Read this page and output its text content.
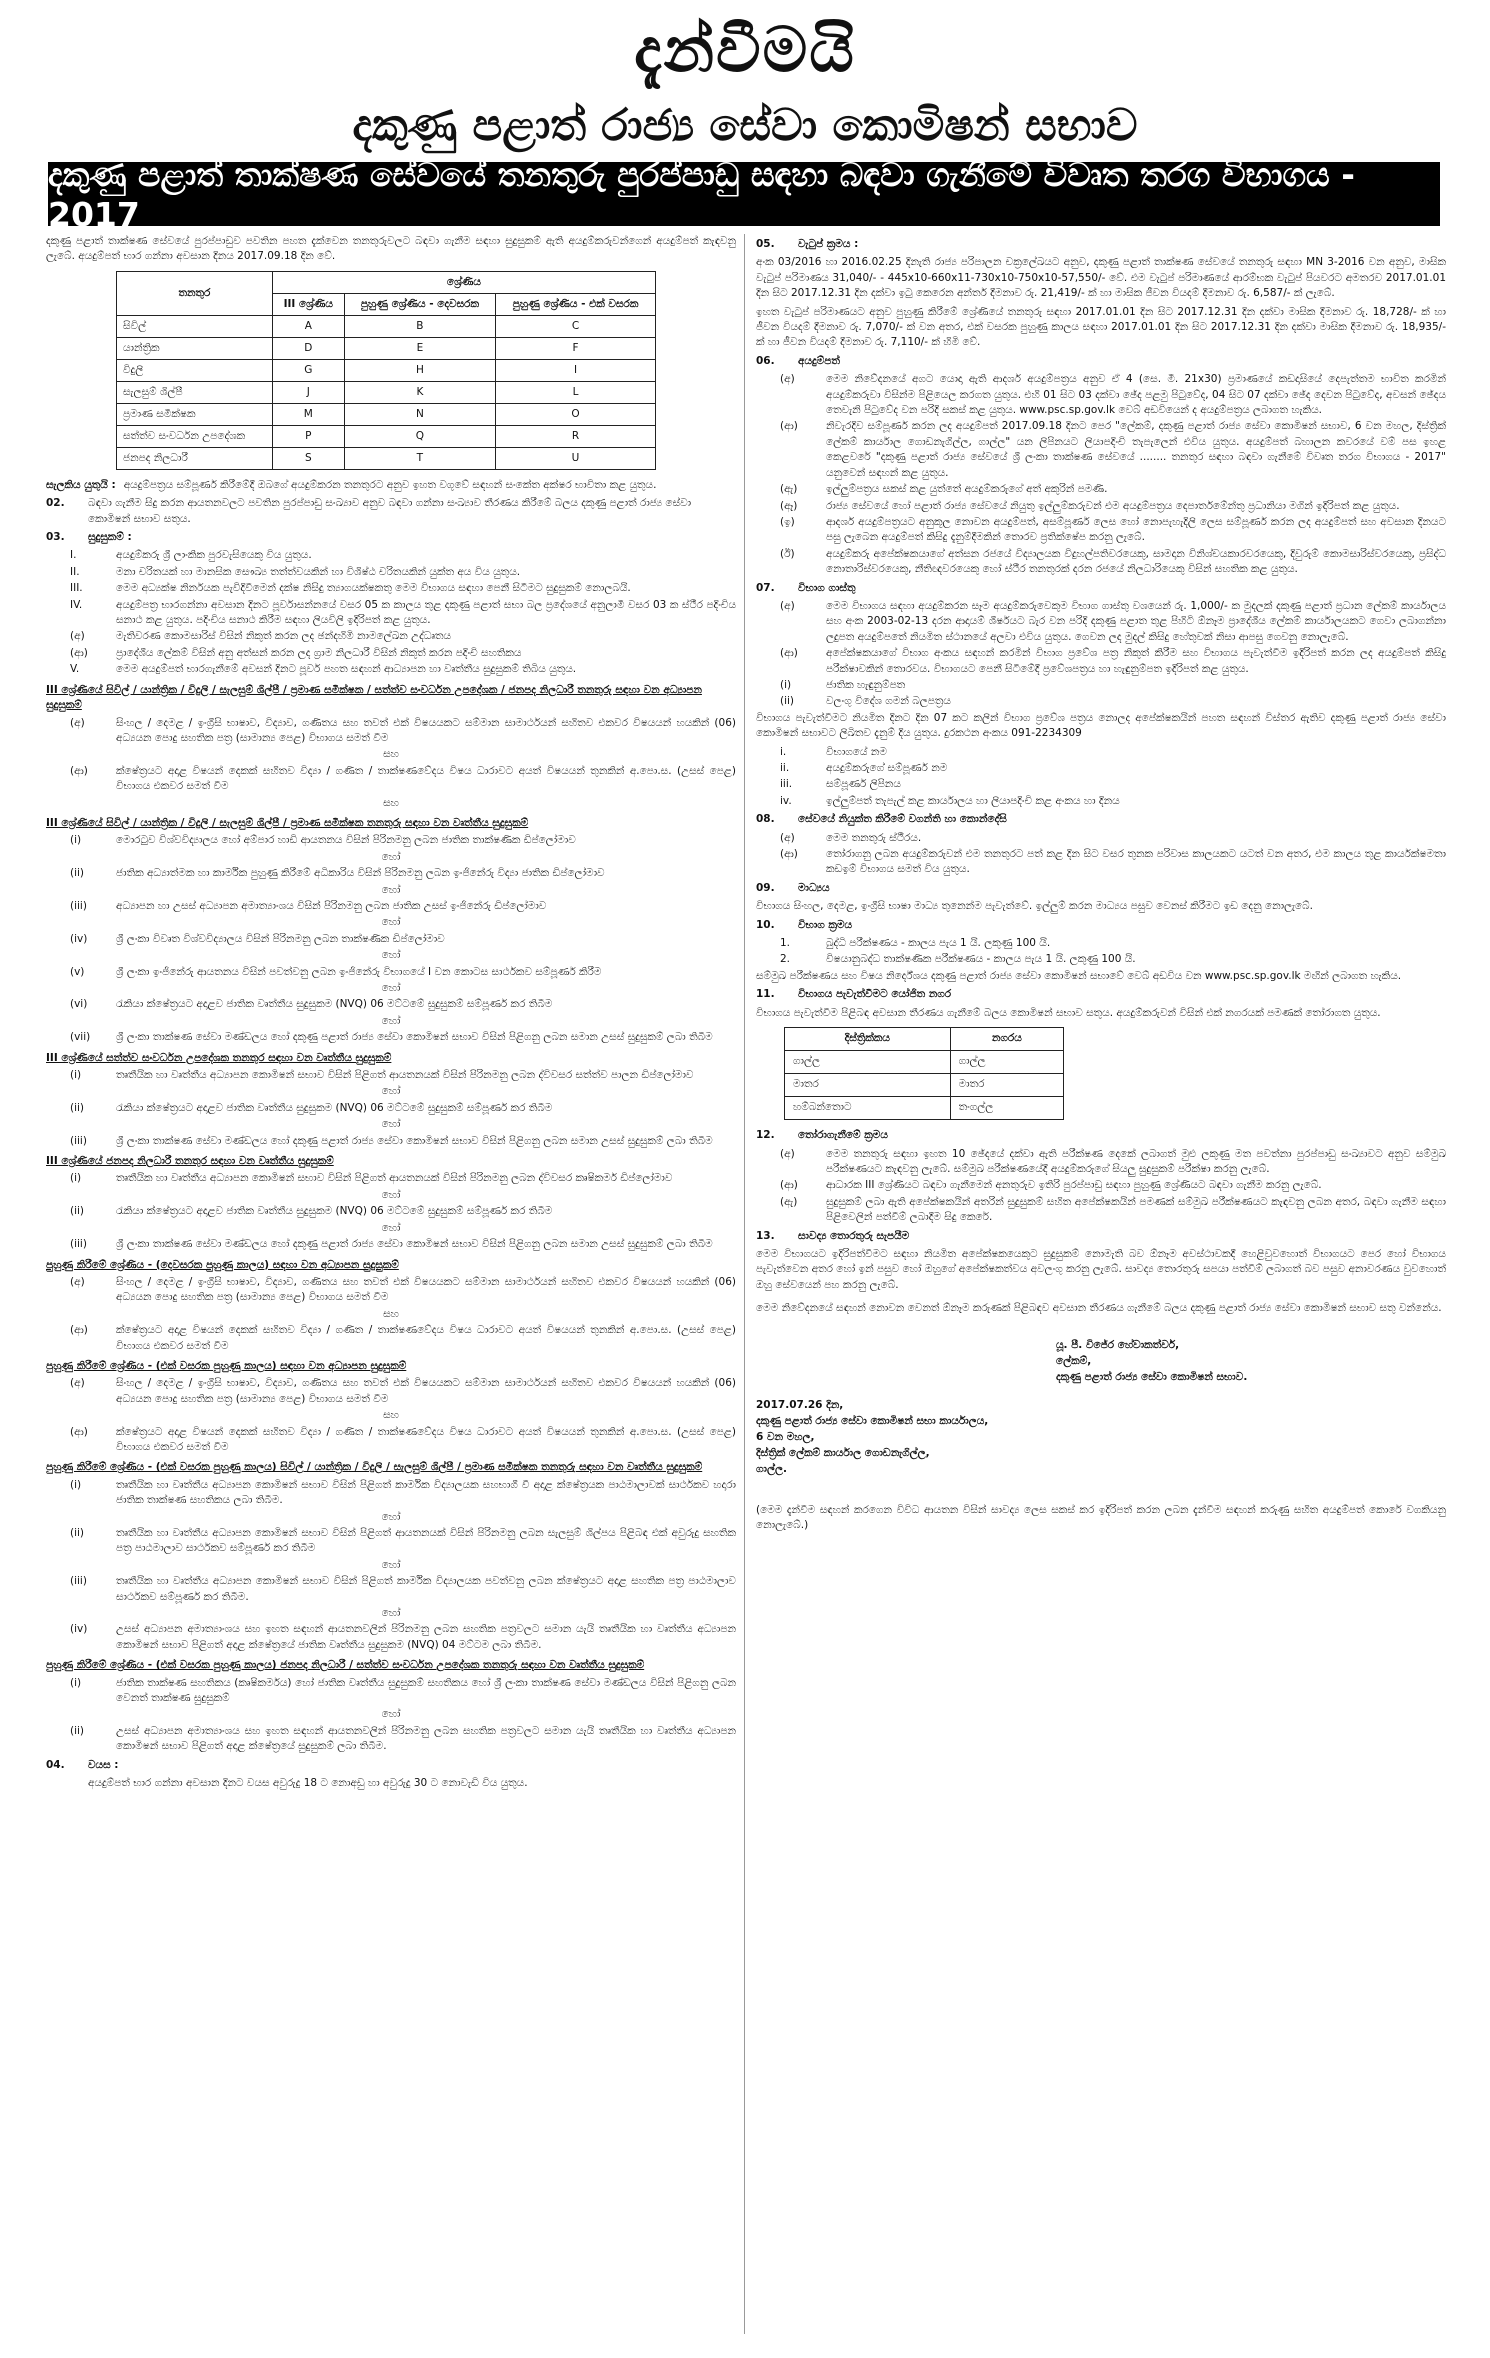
දැන්වීමයි
දකුණු පළාත් රාජ්‍ය සේවා කොමිෂන් සභාව
දකුණු පළාත් තාක්ෂණ සේවයේ තනතුරු පුරප්පාඩු සඳහා බඳවා ගැනීමේ විවෘත තරග විභාගය - 2017

දකුණු පළාත් තාක්ෂණ සේවයේ පුරප්පාඩුව පවතින පහත දැක්වෙන තනතුරුවලට බඳවා ගැනීම සඳහා සුදුසුකම් ඇති අයදුම්කරුවන්ගෙන් අයදුම්පත් කැඳවනු ලැබේ. අයදුම්පත් භාර ගන්නා අවසාන දිනය 2017.09.18 දින වේ.

තනතුර	ශ්‍රේණිය		
	III ශ්‍රේණිය	පුහුණු ශ්‍රේණිය - දෙවසරක	පුහුණු ශ්‍රේණිය - එක් වසරක
සිවිල්	A	B	C
යාන්ත්‍රික	D	E	F
විදුලි	G	H	I
සැලසුම් ශිල්පී	J	K	L
ප්‍රමාණ සමීක්ෂක	M	N	O
සත්ත්ව සංවර්ධන උපදේශක	P	Q	R
ජනපද නිලධාරී	S	T	U
සැලකිය යුතුයි : අයදුම්පත්‍රය සම්පූර්ණ කිරීමේදී ඔබගේ අයදුම්කරන තනතුරට අනුව ඉහත වගුවේ සඳහන් සංකේත අක්ෂර භාවිතා කළ යුතුය.
02.	බඳවා ගැනීම සිදු කරන ආයතනවලට පවතින පුරප්පාඩු සංඛ්‍යාව අනුව බඳවා ගන්නා සංඛ්‍යාව තීරණය කිරීමේ බලය දකුණු පළාත් රාජ්‍ය සේවා කොමිෂන් සභාව සතුය.
03.	සුදුසුකම් :
I.	අයදුම්කරු ශ්‍රී ලාංකික පුරවැසියෙකු විය යුතුය.
II.	මනා චරිතයක් හා මානසික සෞඛ්‍ය තත්ත්වයකින් හා විශිෂ්ඨ චරිතයකින් යුක්ත අය විය යුතුය.
III.	මෙම අධ්‍යක්ෂ නිර්නයක පැවිදිවීමෙන් දක්ෂ නිසිදු ත්‍යාගයක්ෂකතු මෙම විභාගය සඳහා පෙනී සිටීමට සුදුසුකම් නොලබයි.
IV.	අයදුම්පත්‍ර භාරගන්නා අවසාන දිනට පූර්වාසන්නයේ වසර 05 ක කාලය තුළ දකුණු පළාත් සභා බල ප්‍රදේශයේ අනුලාමී වසර 03 ක ස්ථීර පදිංචිය සනාථ කළ යුතුය. පදිංචිය සනාථ කිරීම සඳහා ලියවිලි ඉදිරිපත් කළ යුතුය.
(අ)	මැතිවරණ කොමසාරිස් විසින් නිකුත් කරන ලද ඡන්දහිමි නාමලේඛන උද්ධෘතය
(ආ)	ප්‍රාදේශීය ලේකම් විසින් අනු අත්සන් කරන ලද ග්‍රාම නිලධාරී විසින් නිකුත් කරන පදිංචි සහතිකය
V.	මෙම අයදුම්පත් භාරගැනීමේ අවසන් දිනට පූර්ව පහත සඳහන් ආධ්‍යාපන හා වෘත්තීය සුදුසුකම් තිබිය යුතුය.
III ශ්‍රේණියේ සිවිල් / යාන්ත්‍රික / විදුලි / සැලසුම් ශිල්පී / ප්‍රමාණ සමීක්ෂක / සත්ත්ව සංවර්ධන උපදේශක / ජනපද නිලධාරී තනතුරු සඳහා වන අධ්‍යාපන සුදුසුකම්
(අ)	සිංහල / දෙමළ / ඉංග්‍රීසි භාෂාව, විද්‍යාව, ගණිතය සහ තවත් එක් විෂයයකට සම්මාන සාමාර්ථයන් සහිතව එකවර විෂයයන් හයකින් (06) අධ්‍යයන පොදු සහතික පත්‍ර (සාමාන්‍ය පෙළ) විභාගය සමත් වීම
සහ
(ආ)	ක්ෂේත්‍රයට අදාළ විෂයන් දෙකක් සහිතව විද්‍යා / ගණිත / තාක්ෂණවේදය විෂය ධාරාවට අයත් විෂයයන් තුනකින් අ.පො.ස. (උසස් පෙළ) විභාගය එකවර සමත් වීම
සහ
III ශ්‍රේණියේ සිවිල් / යාන්ත්‍රික / විදුලි / සැලසුම් ශිල්පී / ප්‍රමාණ සමීක්ෂක තනතුරු සඳහා වන වෘත්තීය සුදුසුකම්
(i)	මොරටුව විශ්වවිද්‍යාලය හෝ අම්පාර හාඩි ආයතනය විසින් පිරිනමනු ලබන ජාතික තාක්ෂණික ඩිප්ලෝමාව
හෝ
(ii)	ජාතික අධ්‍යාත්මක හා කාර්මික පුහුණු කිරීමේ අධිකාරිය විසින් පිරිනමනු ලබන ඉංජිනේරු විද්‍යා ජාතික ඩිප්ලෝමාව
හෝ
(iii)	අධ්‍යාපන හා උසස් අධ්‍යාපන අමාත්‍යාංශය විසින් පිරිනමනු ලබන ජාතික උසස් ඉංජිනේරු ඩිප්ලෝමාව
හෝ
(iv)	ශ්‍රී ලංකා විවෘත විශ්වවිද්‍යාලය විසින් පිරිනමනු ලබන තාක්ෂණික ඩිප්ලෝමාව
හෝ
(v)	ශ්‍රී ලංකා ඉංජිනේරු ආයතනය විසින් පවත්වනු ලබන ඉංජිනේරු විභාගයේ I වන කොටස සාර්ථකව සම්පූර්ණ කිරීම
හෝ
(vi)	රැකියා ක්ෂේත්‍රයට අදාළව ජාතික වෘත්තීය සුදුසුකම (NVQ) 06 මට්ටමේ සුදුසුකම් සම්පූර්ණ කර තිබීම
හෝ
(vii)	ශ්‍රී ලංකා තාක්ෂණ සේවා මණ්ඩලය හෝ දකුණු පළාත් රාජ්‍ය සේවා කොමිෂන් සභාව විසින් පිළිගනු ලබන සමාන උසස් සුදුසුකම් ලබා තිබීම
III ශ්‍රේණියේ සත්ත්ව සංවර්ධන උපදේශක තනතුර සඳහා වන වෘත්තීය සුදුසුකම්
(i)	තෘතීයික හා වෘත්තීය අධ්‍යාපන කොමිෂන් සභාව විසින් පිළිගත් ආයතනයක් විසින් පිරිනමනු ලබන ද්විවසර සත්ත්ව පාලන ඩිප්ලෝමාව
හෝ
(ii)	රැකියා ක්ෂේත්‍රයට අදාළව ජාතික වෘත්තීය සුදුසුකම (NVQ) 06 මට්ටමේ සුදුසුකම් සම්පූර්ණ කර තිබීම
හෝ
(iii)	ශ්‍රී ලංකා තාක්ෂණ සේවා මණ්ඩලය හෝ දකුණු පළාත් රාජ්‍ය සේවා කොමිෂන් සභාව විසින් පිළිගනු ලබන සමාන උසස් සුදුසුකම් ලබා තිබීම
III ශ්‍රේණියේ ජනපද නිලධාරී තනතුර සඳහා වන වෘත්තීය සුදුසුකම්
(i)	තෘතීයික හා වෘත්තීය අධ්‍යාපන කොමිෂන් සභාව විසින් පිළිගත් ආයතනයක් විසින් පිරිනමනු ලබන ද්විවසර කෘෂිකර්ම ඩිප්ලෝමාව
හෝ
(ii)	රැකියා ක්ෂේත්‍රයට අදාළව ජාතික වෘත්තීය සුදුසුකම (NVQ) 06 මට්ටමේ සුදුසුකම් සම්පූර්ණ කර තිබීම
හෝ
(iii)	ශ්‍රී ලංකා තාක්ෂණ සේවා මණ්ඩලය හෝ දකුණු පළාත් රාජ්‍ය සේවා කොමිෂන් සභාව විසින් පිළිගනු ලබන සමාන උසස් සුදුසුකම් ලබා තිබීම
පුහුණු කිරීමේ ශ්‍රේණිය - (දෙවසරක පුහුණු කාලය) සඳහා වන අධ්‍යාපන සුදුසුකම්
(අ)	සිංහල / දෙමළ / ඉංග්‍රීසි භාෂාව, විද්‍යාව, ගණිතය සහ තවත් එක් විෂයයකට සම්මාන සාමාර්ථයන් සහිතව එකවර විෂයයන් හයකින් (06) අධ්‍යයන පොදු සහතික පත්‍ර (සාමාන්‍ය පෙළ) විභාගය සමත් වීම
සහ
(ආ)	ක්ෂේත්‍රයට අදාළ විෂයන් දෙකක් සහිතව විද්‍යා / ගණිත / තාක්ෂණවේදය විෂය ධාරාවට අයත් විෂයයන් තුනකින් අ.පො.ස. (උසස් පෙළ) විභාගය එකවර සමත් වීම
පුහුණු කිරීමේ ශ්‍රේණිය - (එක් වසරක පුහුණු කාලය) සඳහා වන අධ්‍යාපන සුදුසුකම්
(අ)	සිංහල / දෙමළ / ඉංග්‍රීසි භාෂාව, විද්‍යාව, ගණිතය සහ තවත් එක් විෂයයකට සම්මාන සාමාර්ථයන් සහිතව එකවර විෂයයන් හයකින් (06) අධ්‍යයන පොදු සහතික පත්‍ර (සාමාන්‍ය පෙළ) විභාගය සමත් වීම
සහ
(ආ)	ක්ෂේත්‍රයට අදාළ විෂයන් දෙකක් සහිතව විද්‍යා / ගණිත / තාක්ෂණවේදය විෂය ධාරාවට අයත් විෂයයන් තුනකින් අ.පො.ස. (උසස් පෙළ) විභාගය එකවර සමත් වීම
පුහුණු කිරීමේ ශ්‍රේණිය - (එක් වසරක පුහුණු කාලය) සිවිල් / යාන්ත්‍රික / විදුලි / සැලසුම් ශිල්පී / ප්‍රමාණ සමීක්ෂක තනතුරු සඳහා වන වෘත්තීය සුදුසුකම්
(i)	තෘතීයික හා වෘත්තීය අධ්‍යාපන කොමිෂන් සභාව විසින් පිළිගත් කාර්මික විද්‍යාලයක සහභාගී වී අදාළ ක්ෂේත්‍රයක පාඨමාලාවක් සාර්ථකව හදාරා ජාතික තාක්ෂණ සහතිකය ලබා තිබීම.
හෝ
(ii)	තෘතීයික හා වෘත්තීය අධ්‍යාපන කොමිෂන් සභාව විසින් පිළිගත් ආයතනයක් විසින් පිරිනමනු ලබන සැලසුම් ශිල්පය පිළිබඳ එක් අවුරුදු සහතික පත්‍ර පාඨමාලාව සාර්ථකව සම්පූර්ණ කර තිබීම
හෝ
(iii)	තෘතීයික හා වෘත්තීය අධ්‍යාපන කොමිෂන් සභාව විසින් පිළිගත් කාර්මික විද්‍යාලයක පවත්වනු ලබන ක්ෂේත්‍රයට අදාළ සහතික පත්‍ර පාඨමාලාව සාර්ථකව සම්පූර්ණ කර තිබීම.
හෝ
(iv)	උසස් අධ්‍යාපන අමාත්‍යාංශය සහ ඉහත සඳහන් ආයතනවලින් පිරිනමනු ලබන සහතික පත්‍රවලට සමාන යැයි තෘතීයික හා වෘත්තීය අධ්‍යාපන කොමිෂන් සභාව පිළිගත් අදාළ ක්ෂේත්‍රයේ ජාතික වෘත්තීය සුදුසුකම (NVQ) 04 මට්ටම ලබා තිබීම.
පුහුණු කිරීමේ ශ්‍රේණිය - (එක් වසරක පුහුණු කාලය) ජනපද නිලධාරී / සත්ත්ව සංවර්ධන උපදේශක තනතුරු සඳහා වන වෘත්තීය සුදුසුකම්
(i)	ජාතික තාක්ෂණ සහතිකය (කෘෂිකර්මය) හෝ ජාතික වෘත්තීය සුදුසුකම් සහතිකය හෝ ශ්‍රී ලංකා තාක්ෂණ සේවා මණ්ඩලය විසින් පිළිගනු ලබන වෙනත් තාක්ෂණ සුදුසුකම්
හෝ
(ii)	උසස් අධ්‍යාපන අමාත්‍යාංශය සහ ඉහත සඳහන් ආයතනවලින් පිරිනමනු ලබන සහතික පත්‍රවලට සමාන යැයි තෘතීයික හා වෘත්තීය අධ්‍යාපන කොමිෂන් සභාව පිළිගත් අදාළ ක්ෂේත්‍රයේ සුදුසුකම් ලබා තිබීම.
04.	වයස :

අයදුම්පත් භාර ගන්නා අවසාන දිනට වයස අවුරුදු 18 ට නොඅඩු හා අවුරුදු 30 ට නොවැඩි විය යුතුය.

05.	වැටුප් ක්‍රමය :

අංක 03/2016 හා 2016.02.25 දිනැති රාජ්‍ය පරිපාලන චක්‍රලේඛයට අනුව, දකුණු පළාත් තාක්ෂණ සේවයේ තනතුරු සඳහා MN 3-2016 වන අනුව, මාසික වැටුප් පරිමාණය 31,040/- - 445x10-660x11-730x10-750x10-57,550/- වේ. එම වැටුප් පරිමාණයේ ආරම්භක වැටුප් පියවරට අමතරව 2017.01.01 දින සිට 2017.12.31 දින දක්වා ඉටු කෙරෙන අන්තර් දීමනාව රු. 21,419/- ක් හා මාසික ජීවන වියදම් දීමනාව රු. 6,587/- ක් ලැබේ.

ඉහත වැටුප් පරිමාණයට අනුව පුහුණු කිරීමේ ශ්‍රේණියේ තනතුරු සඳහා 2017.01.01 දින සිට 2017.12.31 දින දක්වා මාසික දීමනාව රු. 18,728/- ක් හා ජීවන වියදම් දීමනාව රු. 7,070/- ක් වන අතර, එක් වසරක පුහුණු කාලය සඳහා 2017.01.01 දින සිට 2017.12.31 දින දක්වා මාසික දීමනාව රු. 18,935/- ක් හා ජීවන වියදම් දීමනාව රු. 7,110/- ක් හිමි වේ.

06.	අයදුම්පත්
(අ)	මෙම නිවේදනයේ අගට යොදා ඇති ආදර්ශ අයදුම්පත්‍රය අනුව ඒ 4 (සෙ. මී. 21x30) ප්‍රමාණයේ කඩදාසියේ දෙපැත්තම භාවිත කරමින් අයදුම්කරුවා විසින්ම පිළියෙල කරගත යුතුය. එහි 01 සිට 03 දක්වා ඡේද පළමු පිටුවේද, 04 සිට 07 දක්වා ඡේද දෙවන පිටුවේද, අවසන් ඡේදය තෙවැනි පිටුවේද වන පරිදි සකස් කළ යුතුය. www.psc.sp.gov.lk වෙබ් අඩවියෙන් ද අයදුම්පත්‍රය ලබාගත හැකිය.
(ආ)	නිවැරදිව සම්පූර්ණ කරන ලද අයදුම්පත් 2017.09.18 දිනට පෙර "ලේකම්, දකුණු පළාත් රාජ්‍ය සේවා කොමිෂන් සභාව, 6 වන මහල, දිස්ත්‍රික් ලේකම් කාර්යාල ගොඩනැගිල්ල, ගාල්ල" යන ලිපිනයට ලියාපදිංචි තැපැලෙන් එවිය යුතුය. අයදුම්පත් බහාලන කවරයේ වම් පස ඉහළ කෙළවරේ "දකුණු පළාත් රාජ්‍ය සේවයේ ශ්‍රී ලංකා තාක්ෂණ සේවයේ ........ තනතුර සඳහා බඳවා ගැනීමේ විවෘත තරග විභාගය - 2017" යනුවෙන් සඳහන් කළ යුතුය.
(ඇ)	ඉල්ලුම්පත්‍රය සකස් කළ යුත්තේ අයදුම්කරුගේ අත් අකුරින් පමණි.
(ඈ)	රාජ්‍ය සේවයේ හෝ පළාත් රාජ්‍ය සේවයේ නියුතු ඉල්ලුම්කරුවන් එම අයදුම්පත්‍රය දෙපාර්තමේන්තු ප්‍රධානියා මගින් ඉදිරිපත් කළ යුතුය.
(ඉ)	ආදර්ශ අයදුම්පත්‍රයට අනුකූල නොවන අයදුම්පත්, අසම්පූර්ණ ලෙස හෝ නොපැහැදිලි ලෙස සම්පූර්ණ කරන ලද අයදුම්පත් සහ අවසාන දිනයට පසු ලැබෙන අයදුම්පත් කිසිදු දැනුම්දීමකින් තොරව ප්‍රතික්ෂේප කරනු ලැබේ.
(ඊ)	අයදුම්කරු අපේක්ෂකයාගේ අත්සන රජයේ විද්‍යාලයක විදුහල්පතිවරයෙකු, සාමදාන විනිශ්චයකාරවරයෙකු, දිවුරුම් කොමසාරිස්වරයෙකු, ප්‍රසිද්ධ නොතාරිස්වරයෙකු, නීතිඥවරයෙකු හෝ ස්ථීර තනතුරක් දරන රජයේ නිලධාරියෙකු විසින් සහතික කළ යුතුය.
07.	විභාග ගාස්තු
(අ)	මෙම විභාගය සඳහා අයදුම්කරන සෑම අයදුම්කරුවෙකුම විභාග ගාස්තු වශයෙන් රු. 1,000/- ක මුදලක් දකුණු පළාත් ප්‍රධාන ලේකම් කාර්යාලය සහ අංක 2003-02-13 දරන ආදායම් ශීර්ෂයට බැර වන පරිදි දකුණු පළාත තුළ පිහිටි ඕනෑම ප්‍රාදේශීය ලේකම් කාර්යාලයකට ගෙවා ලබාගන්නා ලදුපත අයදුම්පතේ නියමිත ස්ථානයේ අලවා එවිය යුතුය. ගෙවන ලද මුදල් කිසිදු හේතුවක් නිසා ආපසු ගෙවනු නොලැබේ.
(ආ)	අපේක්ෂකයාගේ විභාග අංකය සඳහන් කරමින් විභාග ප්‍රවේශ පත්‍ර නිකුත් කිරීම සහ විභාගය පැවැත්වීම ඉදිරිපත් කරන ලද අයදුම්පත් කිසිදු පරීක්ෂාවකින් තොරවය. විභාගයට පෙනී සිටීමේදී ප්‍රවේශපත්‍රය හා හැඳුනුම්පත ඉදිරිපත් කළ යුතුය.
(i)	ජාතික හැඳුනුම්පත
(ii)	වලංගු විදේශ ගමන් බලපත්‍රය

විභාගය පැවැත්වීමට නියමිත දිනට දින 07 කට කලින් විභාග ප්‍රවේශ පත්‍රය නොලද අපේක්ෂකයින් පහත සඳහන් විස්තර ඇතිව දකුණු පළාත් රාජ්‍ය සේවා කොමිෂන් සභාවට ලිඛිතව දැනුම් දිය යුතුය. දුරකථන අංකය 091-2234309

i.	විභාගයේ නම
ii.	අයදුම්කරුගේ සම්පූර්ණ නම
iii.	සම්පූර්ණ ලිපිනය
iv.	ඉල්ලුම්පත් තැපැල් කළ කාර්යාලය හා ලියාපදිංචි කළ අංකය හා දිනය
08.	සේවයේ නියුක්ත කිරීමේ වගන්ති හා කොන්දේසි
(අ)	මෙම තනතුරු ස්ථීරය.
(ආ)	තෝරාගනු ලබන අයදුම්කරුවන් එම තනතුරට පත් කළ දින සිට වසර තුනක පරිවාස කාලයකට යටත් වන අතර, එම කාලය තුළ කාර්යක්ෂමතා කඩඉම් විභාගය සමත් විය යුතුය.
09.	මාධ්‍යය

විභාගය සිංහල, දෙමළ, ඉංග්‍රීසි භාෂා මාධ්‍ය තුනෙන්ම පැවැත්වේ. ඉල්ලුම් කරන මාධ්‍යය පසුව වෙනස් කිරීමට ඉඩ දෙනු නොලැබේ.

10.	විභාග ක්‍රමය
1.	බුද්ධි පරීක්ෂණය - කාලය පැය 1 යි. ලකුණු 100 යි.
2.	විෂයානුබද්ධ තාක්ෂණික පරීක්ෂණය - කාලය පැය 1 යි. ලකුණු 100 යි.

සම්මුඛ පරීක්ෂණය සහ විෂය නිර්දේශය දකුණු පළාත් රාජ්‍ය සේවා කොමිෂන් සභාවේ වෙබ් අඩවිය වන www.psc.sp.gov.lk මඟින් ලබාගත හැකිය.

11.	විභාගය පැවැත්වීමට යෝජිත නගර

විභාගය පැවැත්වීම පිළිබඳ අවසාන තීරණය ගැනීමේ බලය කොමිෂන් සභාව සතුය. අයදුම්කරුවන් විසින් එක් නගරයක් පමණක් තෝරාගත යුතුය.

දිස්ත්‍රික්කය	නගරය
ගාල්ල	ගාල්ල
මාතර	මාතර
හම්බන්තොට	තංගල්ල
12.	තෝරාගැනීමේ ක්‍රමය
(අ)	මෙම තනතුරු සඳහා ඉහත 10 ඡේදයේ දක්වා ඇති පරීක්ෂණ දෙකේ ලබාගත් මුළු ලකුණු මත පවත්නා පුරප්පාඩු සංඛ්‍යාවට අනුව සම්මුඛ පරීක්ෂණයට කැඳවනු ලැබේ. සම්මුඛ පරීක්ෂණයේදී අයදුම්කරුගේ සියලු සුදුසුකම් පරීක්ෂා කරනු ලැබේ.
(ආ)	ආධාරක III ශ්‍රේණියට බඳවා ගැනීමෙන් අනතුරුව ඉතිරි පුරප්පාඩු සඳහා පුහුණු ශ්‍රේණියට බඳවා ගැනීම කරනු ලැබේ.
(ඇ)	සුදුසුකම් ලබා ඇති අපේක්ෂකයින් අතරින් සුදුසුකම් සහිත අපේක්ෂකයින් පමණක් සම්මුඛ පරීක්ෂණයට කැඳවනු ලබන අතර, බඳවා ගැනීම සඳහා පිළිවෙලින් පත්වීම් ලබාදීම සිදු කෙරේ.
13.	සාවද්‍ය තොරතුරු සැපයීම

මෙම විභාගයට ඉදිරිපත්වීමට සඳහා නියමිත අපේක්ෂකයෙකුට සුදුසුකම් නොමැති බව ඕනෑම අවස්ථාවකදී හෙළිවුවහොත් විභාගයට පෙර හෝ විභාගය පැවැත්වෙන අතර හෝ ඉන් පසුව හෝ ඔහුගේ අපේක්ෂකත්වය අවලංගු කරනු ලැබේ. සාවද්‍ය තොරතුරු සපයා පත්වීම් ලබාගත් බව පසුව අනාවරණය වුවහොත් ඔහු සේවයෙන් පහ කරනු ලැබේ.

මෙම නිවේදනයේ සඳහන් නොවන වෙනත් ඕනෑම කරුණක් පිළිබඳව අවසාන තීරණය ගැනීමේ බලය දකුණු පළාත් රාජ්‍ය සේවා කොමිෂන් සභාව සතු වන්නේය.

යූ. පී. විජේර හේවාකත්වර්,
ලේකම්,
දකුණු පළාත් රාජ්‍ය සේවා කොමිෂන් සභාව.
2017.07.26 දින,
දකුණු පළාත් රාජ්‍ය සේවා කොමිෂන් සභා කාර්යාලය,
6 වන මහල,
දිස්ත්‍රික් ලේකම් කාර්යාල ගොඩනැගිල්ල,
ගාල්ල.

(මෙම දැන්වීම සඳහන් කරගෙන විවිධ ආයතන විසින් සාවද්‍ය ලෙස සකස් කර ඉදිරිපත් කරන ලබන දැන්වීම සඳහන් කරුණු සහිත අයදුම්පත් කොරේ වගකියනු නොලැබේ.)
